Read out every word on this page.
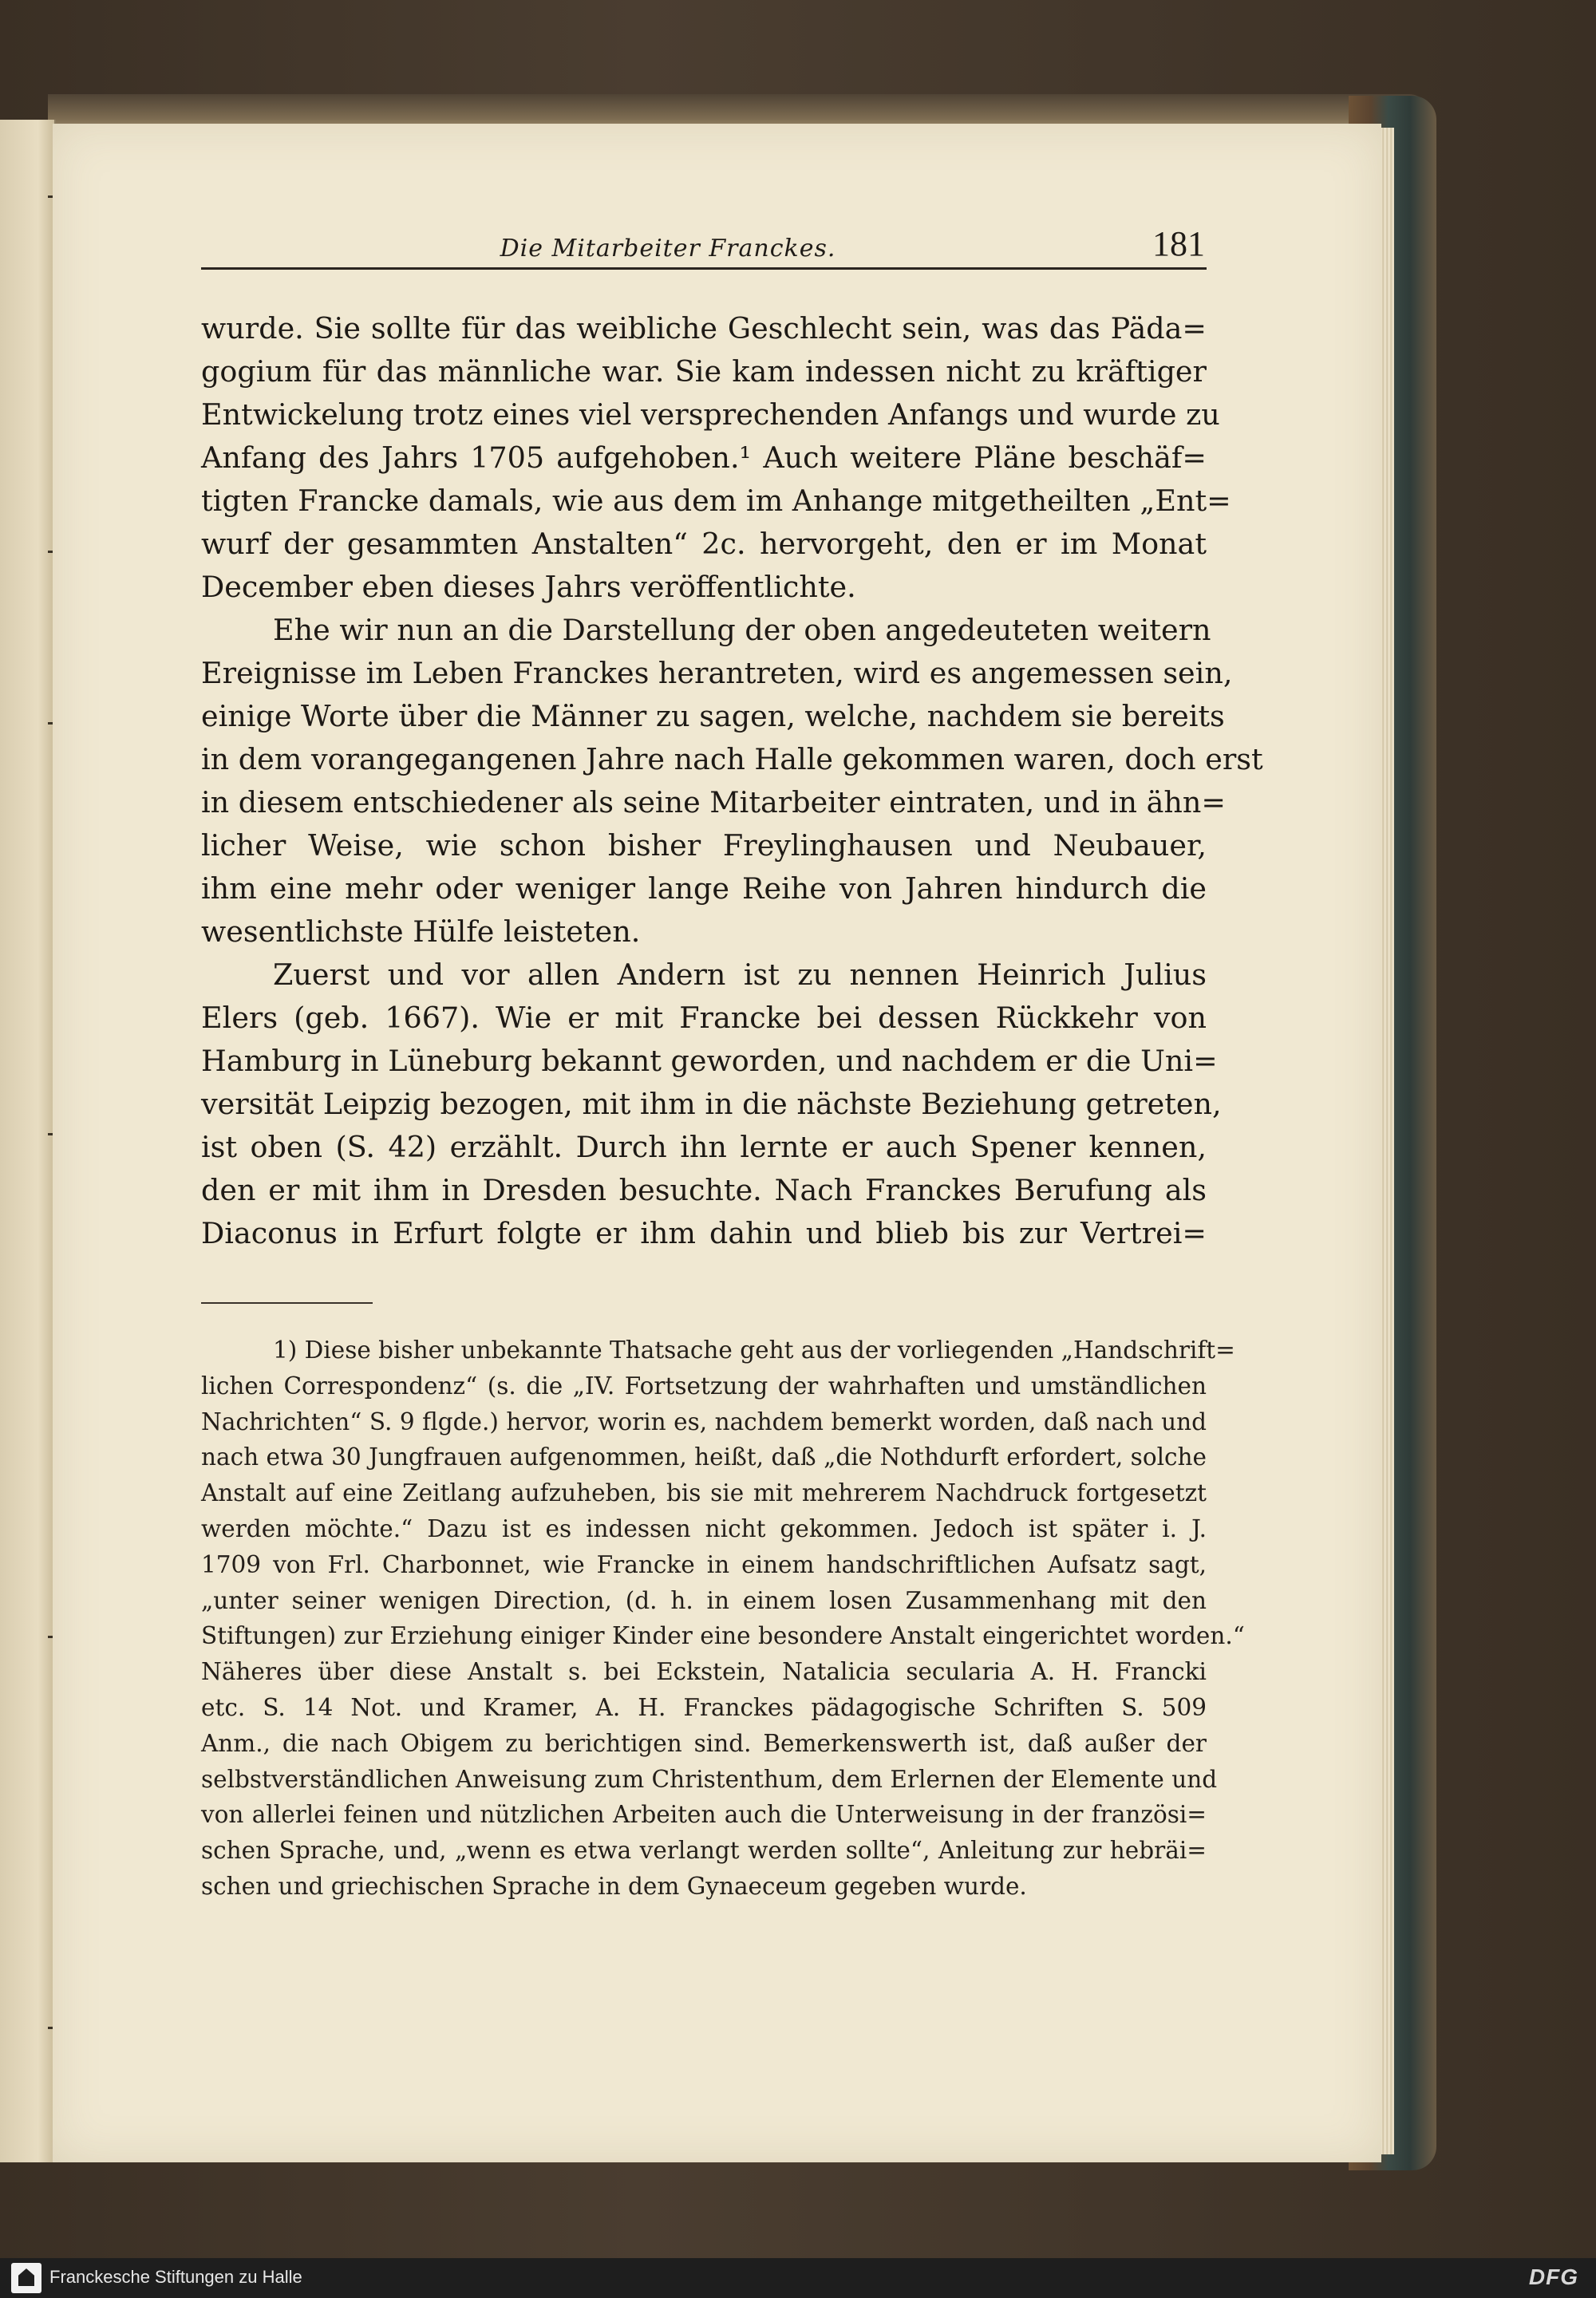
Die Mitarbeiter Franckes.	181
wurde. Sie sollte für das weibliche Geschlecht sein, was das Päda=
gogium für das männliche war. Sie kam indessen nicht zu kräftiger
Entwickelung trotz eines viel versprechenden Anfangs und wurde zu
Anfang des Jahrs 1705 aufgehoben.¹ Auch weitere Pläne beschäf=
tigten Francke damals, wie aus dem im Anhange mitgetheilten „Ent=
wurf der gesammten Anstalten“ 2c. hervorgeht, den er im Monat
December eben dieses Jahrs veröffentlichte.
Ehe wir nun an die Darstellung der oben angedeuteten weitern
Ereignisse im Leben Franckes herantreten, wird es angemessen sein,
einige Worte über die Männer zu sagen, welche, nachdem sie bereits
in dem vorangegangenen Jahre nach Halle gekommen waren, doch erst
in diesem entschiedener als seine Mitarbeiter eintraten, und in ähn=
licher Weise, wie schon bisher Freylinghausen und Neubauer,
ihm eine mehr oder weniger lange Reihe von Jahren hindurch die
wesentlichste Hülfe leisteten.
Zuerst und vor allen Andern ist zu nennen Heinrich Julius
Elers (geb. 1667). Wie er mit Francke bei dessen Rückkehr von
Hamburg in Lüneburg bekannt geworden, und nachdem er die Uni=
versität Leipzig bezogen, mit ihm in die nächste Beziehung getreten,
ist oben (S. 42) erzählt. Durch ihn lernte er auch Spener kennen,
den er mit ihm in Dresden besuchte. Nach Franckes Berufung als
Diaconus in Erfurt folgte er ihm dahin und blieb bis zur Vertrei=
1) Diese bisher unbekannte Thatsache geht aus der vorliegenden „Handschrift=
lichen Correspondenz“ (s. die „IV. Fortsetzung der wahrhaften und umständlichen
Nachrichten“ S. 9 flgde.) hervor, worin es, nachdem bemerkt worden, daß nach und
nach etwa 30 Jungfrauen aufgenommen, heißt, daß „die Nothdurft erfordert, solche
Anstalt auf eine Zeitlang aufzuheben, bis sie mit mehrerem Nachdruck fortgesetzt
werden möchte.“ Dazu ist es indessen nicht gekommen. Jedoch ist später i. J.
1709 von Frl. Charbonnet, wie Francke in einem handschriftlichen Aufsatz sagt,
„unter seiner wenigen Direction, (d. h. in einem losen Zusammenhang mit den
Stiftungen) zur Erziehung einiger Kinder eine besondere Anstalt eingerichtet worden.“
Näheres über diese Anstalt s. bei Eckstein, Natalicia secularia A. H. Francki
etc. S. 14 Not. und Kramer, A. H. Franckes pädagogische Schriften S. 509
Anm., die nach Obigem zu berichtigen sind. Bemerkenswerth ist, daß außer der
selbstverständlichen Anweisung zum Christenthum, dem Erlernen der Elemente und
von allerlei feinen und nützlichen Arbeiten auch die Unterweisung in der französi=
schen Sprache, und, „wenn es etwa verlangt werden sollte“, Anleitung zur hebräi=
schen und griechischen Sprache in dem Gynaeceum gegeben wurde.
Franckesche Stiftungen zu Halle	DFG
